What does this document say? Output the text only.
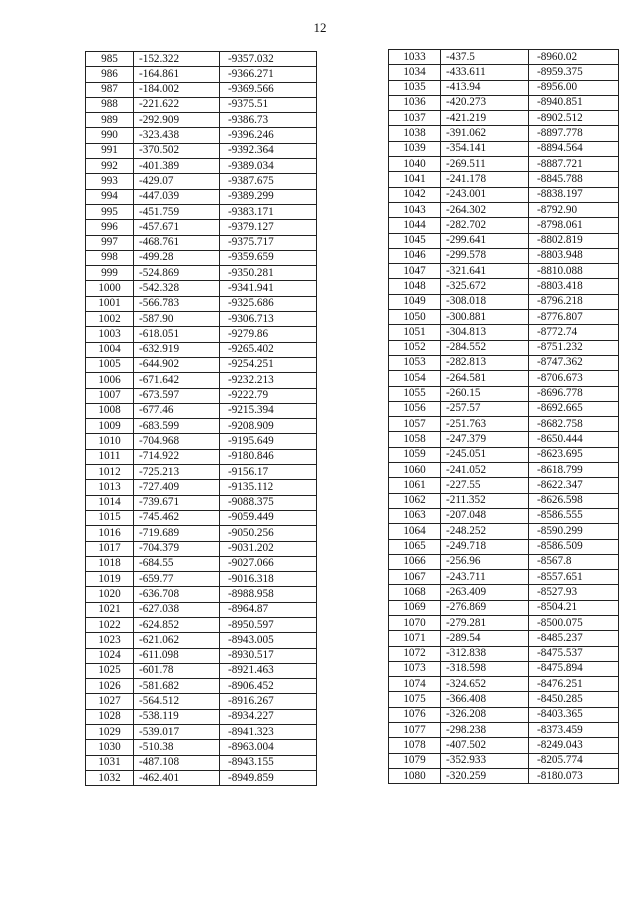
12
985	-152.322	-9357.032
986	-164.861	-9366.271
987	-184.002	-9369.566
988	-221.622	-9375.51
989	-292.909	-9386.73
990	-323.438	-9396.246
991	-370.502	-9392.364
992	-401.389	-9389.034
993	-429.07	-9387.675
994	-447.039	-9389.299
995	-451.759	-9383.171
996	-457.671	-9379.127
997	-468.761	-9375.717
998	-499.28	-9359.659
999	-524.869	-9350.281
1000	-542.328	-9341.941
1001	-566.783	-9325.686
1002	-587.90	-9306.713
1003	-618.051	-9279.86
1004	-632.919	-9265.402
1005	-644.902	-9254.251
1006	-671.642	-9232.213
1007	-673.597	-9222.79
1008	-677.46	-9215.394
1009	-683.599	-9208.909
1010	-704.968	-9195.649
1011	-714.922	-9180.846
1012	-725.213	-9156.17
1013	-727.409	-9135.112
1014	-739.671	-9088.375
1015	-745.462	-9059.449
1016	-719.689	-9050.256
1017	-704.379	-9031.202
1018	-684.55	-9027.066
1019	-659.77	-9016.318
1020	-636.708	-8988.958
1021	-627.038	-8964.87
1022	-624.852	-8950.597
1023	-621.062	-8943.005
1024	-611.098	-8930.517
1025	-601.78	-8921.463
1026	-581.682	-8906.452
1027	-564.512	-8916.267
1028	-538.119	-8934.227
1029	-539.017	-8941.323
1030	-510.38	-8963.004
1031	-487.108	-8943.155
1032	-462.401	-8949.859
1033	-437.5	-8960.02
1034	-433.611	-8959.375
1035	-413.94	-8956.00
1036	-420.273	-8940.851
1037	-421.219	-8902.512
1038	-391.062	-8897.778
1039	-354.141	-8894.564
1040	-269.511	-8887.721
1041	-241.178	-8845.788
1042	-243.001	-8838.197
1043	-264.302	-8792.90
1044	-282.702	-8798.061
1045	-299.641	-8802.819
1046	-299.578	-8803.948
1047	-321.641	-8810.088
1048	-325.672	-8803.418
1049	-308.018	-8796.218
1050	-300.881	-8776.807
1051	-304.813	-8772.74
1052	-284.552	-8751.232
1053	-282.813	-8747.362
1054	-264.581	-8706.673
1055	-260.15	-8696.778
1056	-257.57	-8692.665
1057	-251.763	-8682.758
1058	-247.379	-8650.444
1059	-245.051	-8623.695
1060	-241.052	-8618.799
1061	-227.55	-8622.347
1062	-211.352	-8626.598
1063	-207.048	-8586.555
1064	-248.252	-8590.299
1065	-249.718	-8586.509
1066	-256.96	-8567.8
1067	-243.711	-8557.651
1068	-263.409	-8527.93
1069	-276.869	-8504.21
1070	-279.281	-8500.075
1071	-289.54	-8485.237
1072	-312.838	-8475.537
1073	-318.598	-8475.894
1074	-324.652	-8476.251
1075	-366.408	-8450.285
1076	-326.208	-8403.365
1077	-298.238	-8373.459
1078	-407.502	-8249.043
1079	-352.933	-8205.774
1080	-320.259	-8180.073
